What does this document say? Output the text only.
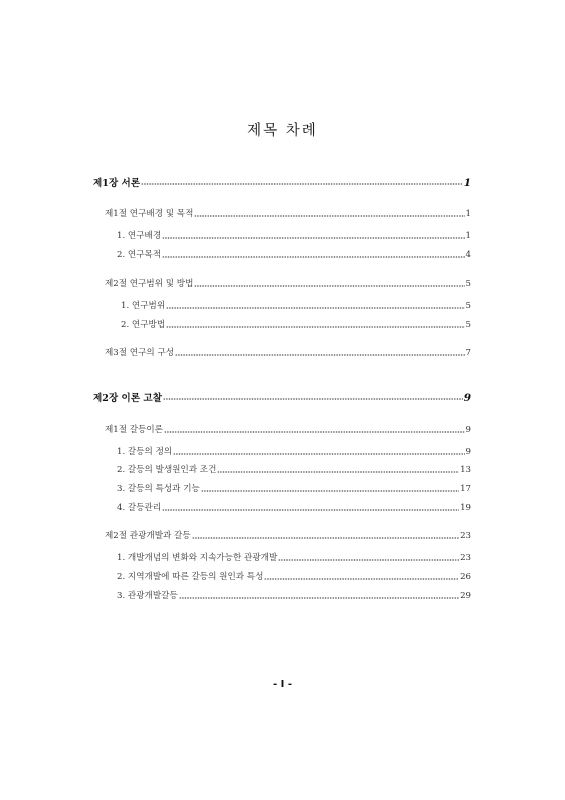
제목 차례
제1장 서론	1
제1절 연구배경 및 목적	1
1. 연구배경	1
2. 연구목적	4
제2절 연구범위 및 방법	5
1. 연구범위	5
2. 연구방법	5
제3절 연구의 구성	7
제2장 이론 고찰	9
제1절 갈등이론	9
1. 갈등의 정의	9
2. 갈등의 발생원인과 조건	13
3. 갈등의 특성과 기능	17
4. 갈등관리	19
제2절 관광개발과 갈등	23
1. 개발개념의 변화와 지속가능한 관광개발	23
2. 지역개발에 따른 갈등의 원인과 특성	26
3. 관광개발갈등	29
- I -
